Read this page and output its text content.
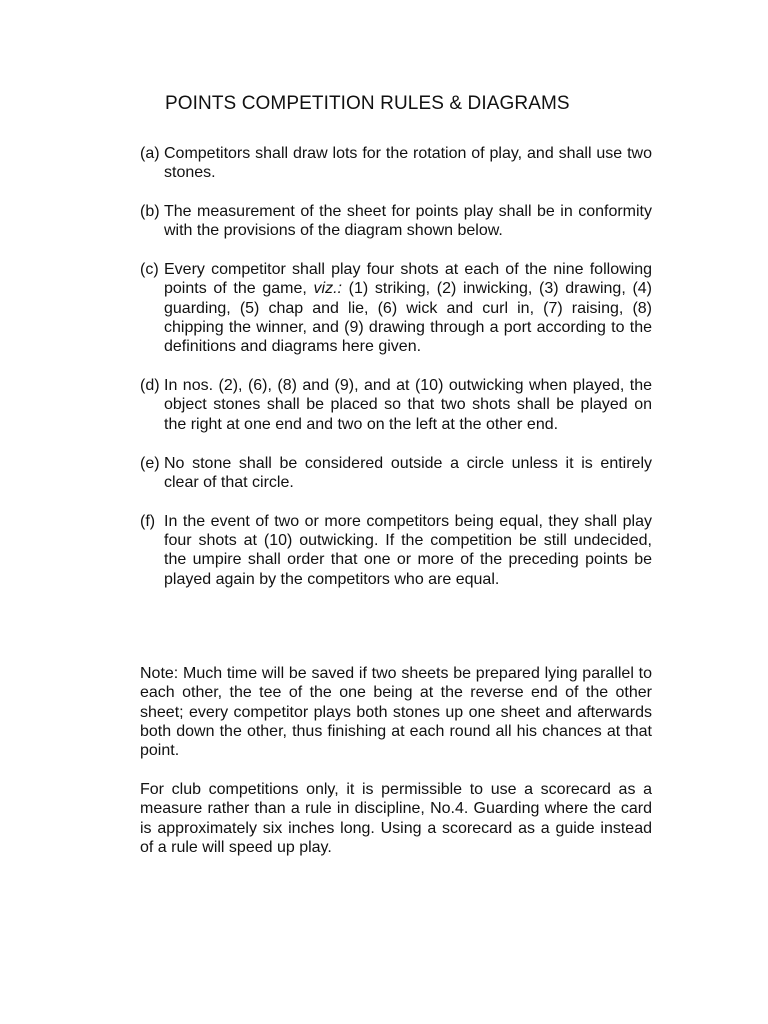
POINTS COMPETITION RULES & DIAGRAMS
(a) Competitors shall draw lots for the rotation of play, and shall use two stones.
(b) The measurement of the sheet for points play shall be in conformity with the provisions of the diagram shown below.
(c) Every competitor shall play four shots at each of the nine following points of the game, viz.: (1) striking, (2) inwicking, (3) drawing, (4) guarding, (5) chap and lie, (6) wick and curl in, (7) raising, (8) chipping the winner, and (9) drawing through a port according to the definitions and diagrams here given.
(d) In nos. (2), (6), (8) and (9), and at (10) outwicking when played, the object stones shall be placed so that two shots shall be played on the right at one end and two on the left at the other end.
(e) No stone shall be considered outside a circle unless it is entirely clear of that circle.
(f) In the event of two or more competitors being equal, they shall play four shots at (10) outwicking. If the competition be still undecided, the umpire shall order that one or more of the preceding points be played again by the competitors who are equal.
Note: Much time will be saved if two sheets be prepared lying parallel to each other, the tee of the one being at the reverse end of the other sheet; every competitor plays both stones up one sheet and afterwards both down the other, thus finishing at each round all his chances at that point.
For club competitions only, it is permissible to use a scorecard as a measure rather than a rule in discipline, No.4. Guarding where the card is approximately six inches long. Using a scorecard as a guide instead of a rule will speed up play.
